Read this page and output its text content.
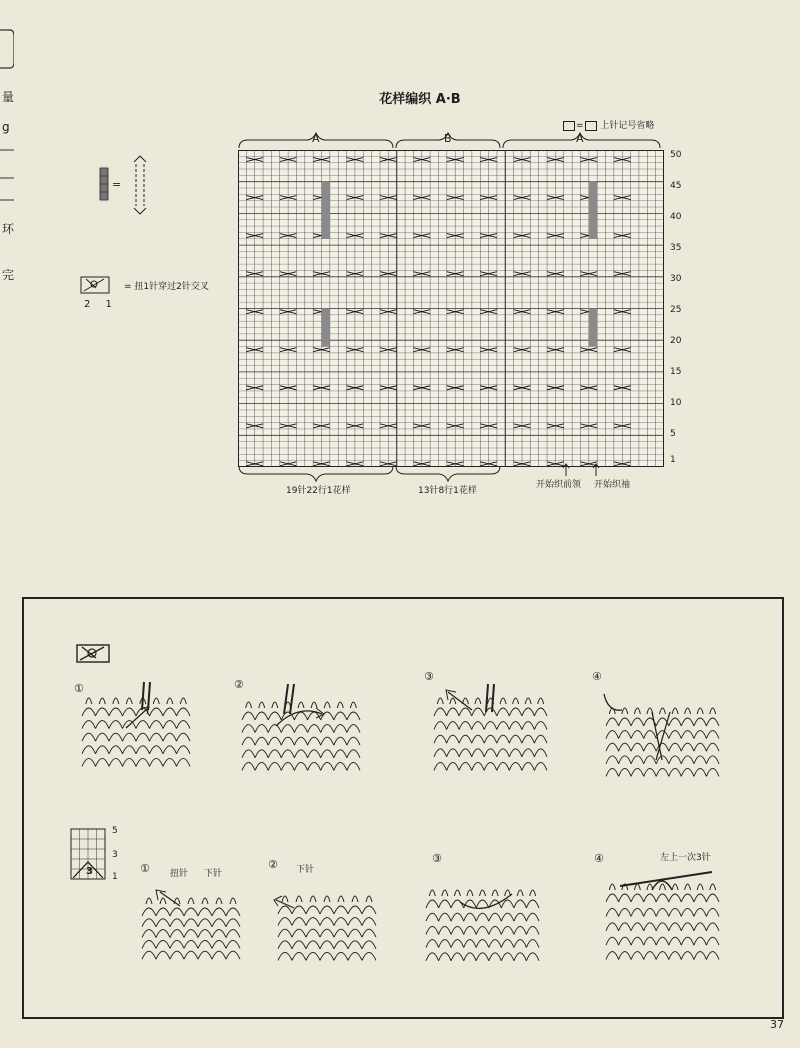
量
g
环
完
花样编织 A·B
= 上针记号省略
A	B	A
50
45
40
35
30
25
20
15
10
5
1
=
= 扭1针穿过2针交叉
2 1
19针22行1花样	13针8行1花样
开始织前领 开始织袖
①	②
③	④
5
3
1
3	①	②	③	④
扭针 下针	下针
左上一次3针
37
